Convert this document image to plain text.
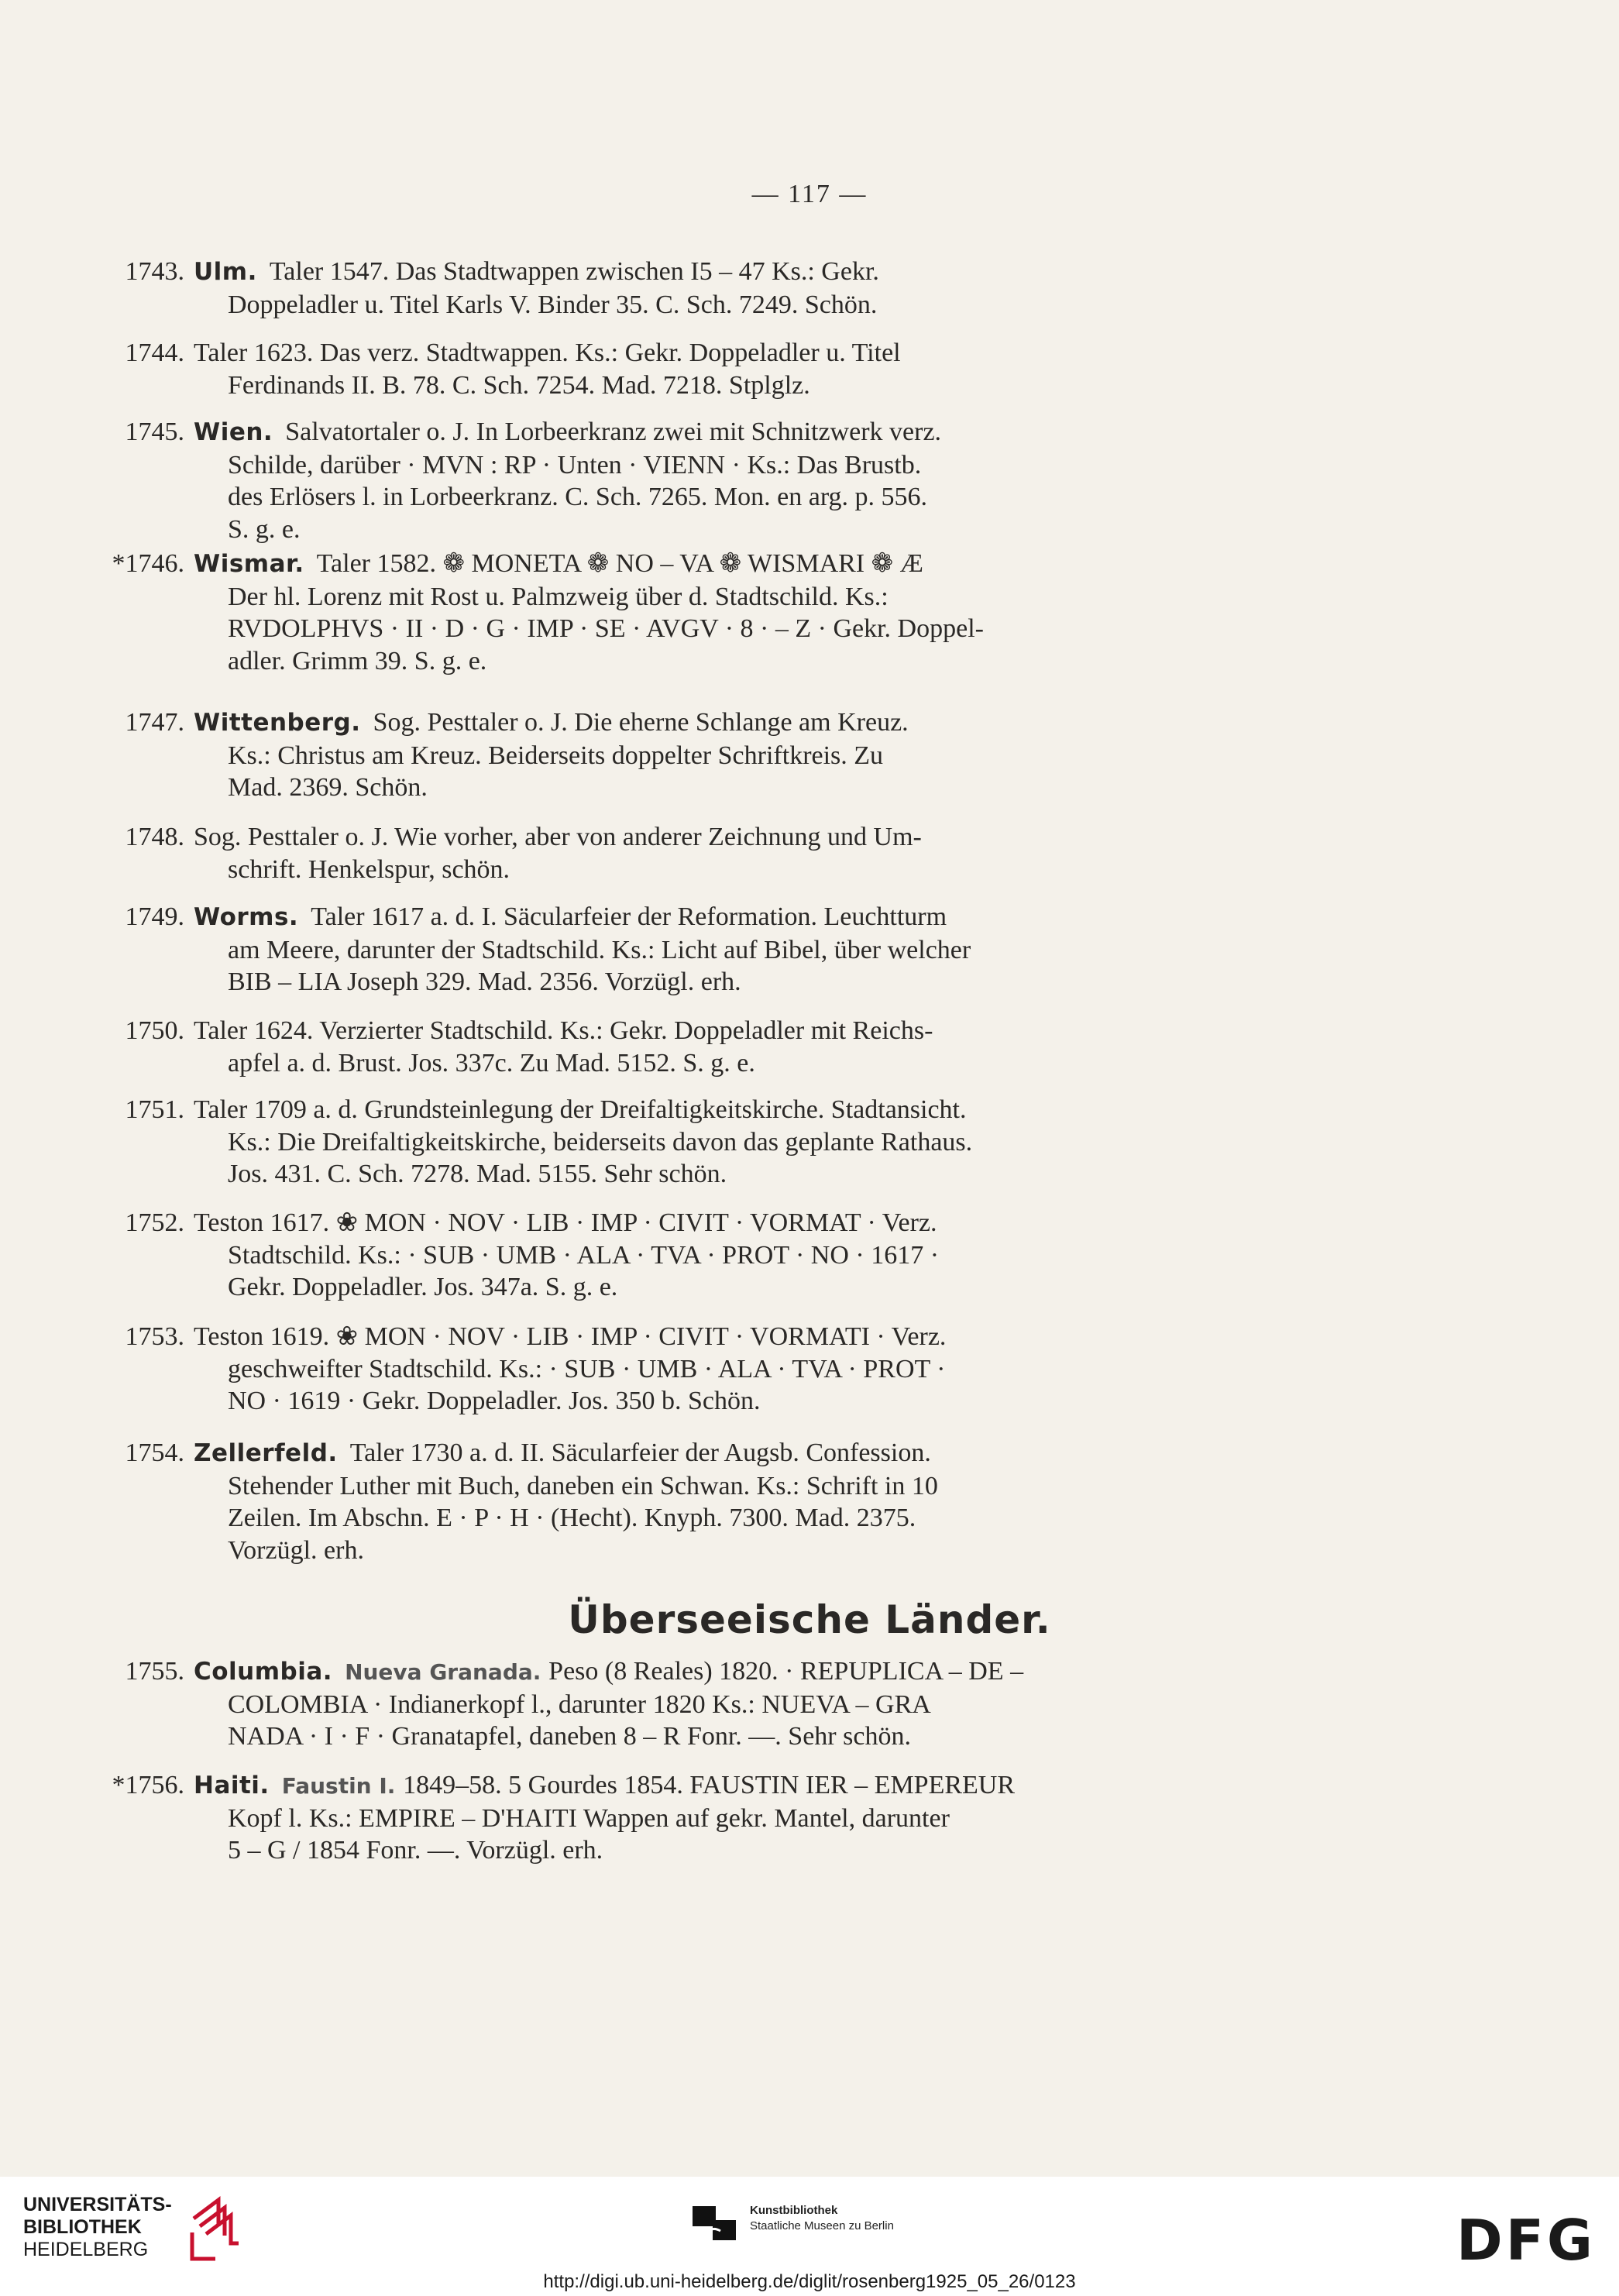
— 117 —
1743. Ulm. Taler 1547. Das Stadtwappen zwischen I5 – 47 Ks.: Gekr.
Doppeladler u. Titel Karls V. Binder 35. C. Sch. 7249. Schön.
1744. Taler 1623. Das verz. Stadtwappen. Ks.: Gekr. Doppeladler u. Titel
Ferdinands II. B. 78. C. Sch. 7254. Mad. 7218. Stplglz.
1745. Wien. Salvatortaler o. J. In Lorbeerkranz zwei mit Schnitzwerk verz.
Schilde, darüber · MVN : RP · Unten · VIENN · Ks.: Das Brustb.
des Erlösers l. in Lorbeerkranz. C. Sch. 7265. Mon. en arg. p. 556.
S. g. e.
*1746. Wismar. Taler 1582. ❁ MONETA ❁ NO – VA ❁ WISMARI ❁ Æ
Der hl. Lorenz mit Rost u. Palmzweig über d. Stadtschild. Ks.:
RVDOLPHVS · II · D · G · IMP · SE · AVGV · 8 · – Z · Gekr. Doppel-
adler. Grimm 39. S. g. e.
1747. Wittenberg. Sog. Pesttaler o. J. Die eherne Schlange am Kreuz.
Ks.: Christus am Kreuz. Beiderseits doppelter Schriftkreis. Zu
Mad. 2369. Schön.
1748. Sog. Pesttaler o. J. Wie vorher, aber von anderer Zeichnung und Um-
schrift. Henkelspur, schön.
1749. Worms. Taler 1617 a. d. I. Säcularfeier der Reformation. Leuchtturm
am Meere, darunter der Stadtschild. Ks.: Licht auf Bibel, über welcher
BIB – LIA Joseph 329. Mad. 2356. Vorzügl. erh.
1750. Taler 1624. Verzierter Stadtschild. Ks.: Gekr. Doppeladler mit Reichs-
apfel a. d. Brust. Jos. 337c. Zu Mad. 5152. S. g. e.
1751. Taler 1709 a. d. Grundsteinlegung der Dreifaltigkeitskirche. Stadtansicht.
Ks.: Die Dreifaltigkeitskirche, beiderseits davon das geplante Rathaus.
Jos. 431. C. Sch. 7278. Mad. 5155. Sehr schön.
1752. Teston 1617. ❀ MON · NOV · LIB · IMP · CIVIT · VORMAT · Verz.
Stadtschild. Ks.: · SUB · UMB · ALA · TVA · PROT · NO · 1617 ·
Gekr. Doppeladler. Jos. 347a. S. g. e.
1753. Teston 1619. ❀ MON · NOV · LIB · IMP · CIVIT · VORMATI · Verz.
geschweifter Stadtschild. Ks.: · SUB · UMB · ALA · TVA · PROT ·
NO · 1619 · Gekr. Doppeladler. Jos. 350 b. Schön.
1754. Zellerfeld. Taler 1730 a. d. II. Säcularfeier der Augsb. Confession.
Stehender Luther mit Buch, daneben ein Schwan. Ks.: Schrift in 10
Zeilen. Im Abschn. E · P · H · (Hecht). Knyph. 7300. Mad. 2375.
Vorzügl. erh.
Überseeische Länder.
1755. Columbia. Nueva Granada. Peso (8 Reales) 1820. · REPUPLICA – DE –
COLOMBIA · Indianerkopf l., darunter 1820 Ks.: NUEVA – GRA
NADA · I · F · Granatapfel, daneben 8 – R Fonr. —. Sehr schön.
*1756. Haiti. Faustin I. 1849–58. 5 Gourdes 1854. FAUSTIN IER – EMPEREUR
Kopf l. Ks.: EMPIRE – D'HAITI Wappen auf gekr. Mantel, darunter
5 – G / 1854 Fonr. —. Vorzügl. erh.
UNIVERSITÄTS-
BIBLIOTHEK
HEIDELBERG
Kunstbibliothek
Staatliche Museen zu Berlin	DFG
http://digi.ub.uni-heidelberg.de/diglit/rosenberg1925_05_26/0123
